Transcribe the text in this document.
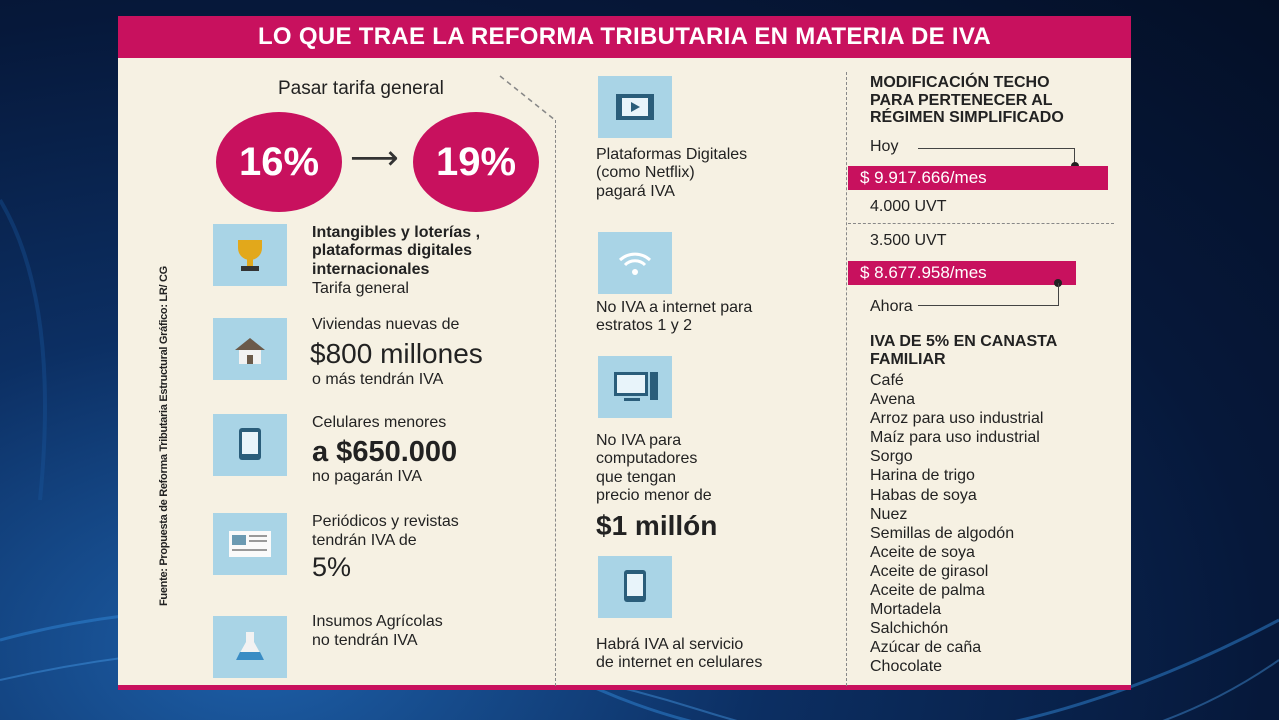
LO QUE TRAE LA REFORMA TRIBUTARIA EN MATERIA DE IVA
Fuente: Propuesta de Reforma Tributaria Estructural Gráfico: LR/ CG
Pasar tarifa general
16% ⟶ 19%
Intangibles y loterías ,
plataformas digitales
internacionales
Tarifa general
Viviendas nuevas de
$800 millones
o más tendrán IVA
Celulares menores
a $650.000
no pagarán IVA
Periódicos y revistas
tendrán IVA de
5%
Insumos Agrícolas
no tendrán IVA
Plataformas Digitales
(como Netflix)
pagará IVA
No IVA a internet para
estratos 1 y 2
No IVA para
computadores
que tengan
precio menor de
$1 millón
Habrá IVA al servicio
de internet en celulares
MODIFICACIÓN TECHO
PARA PERTENECER AL
RÉGIMEN SIMPLIFICADO
Hoy
$ 9.917.666/mes
4.000 UVT
3.500 UVT
$ 8.677.958/mes
Ahora
IVA DE 5% EN CANASTA
FAMILIAR
Café
Avena
Arroz para uso industrial
Maíz para uso industrial
Sorgo
Harina de trigo
Habas de soya
Nuez
Semillas de algodón
Aceite de soya
Aceite de girasol
Aceite de palma
Mortadela
Salchichón
Azúcar de caña
Chocolate
